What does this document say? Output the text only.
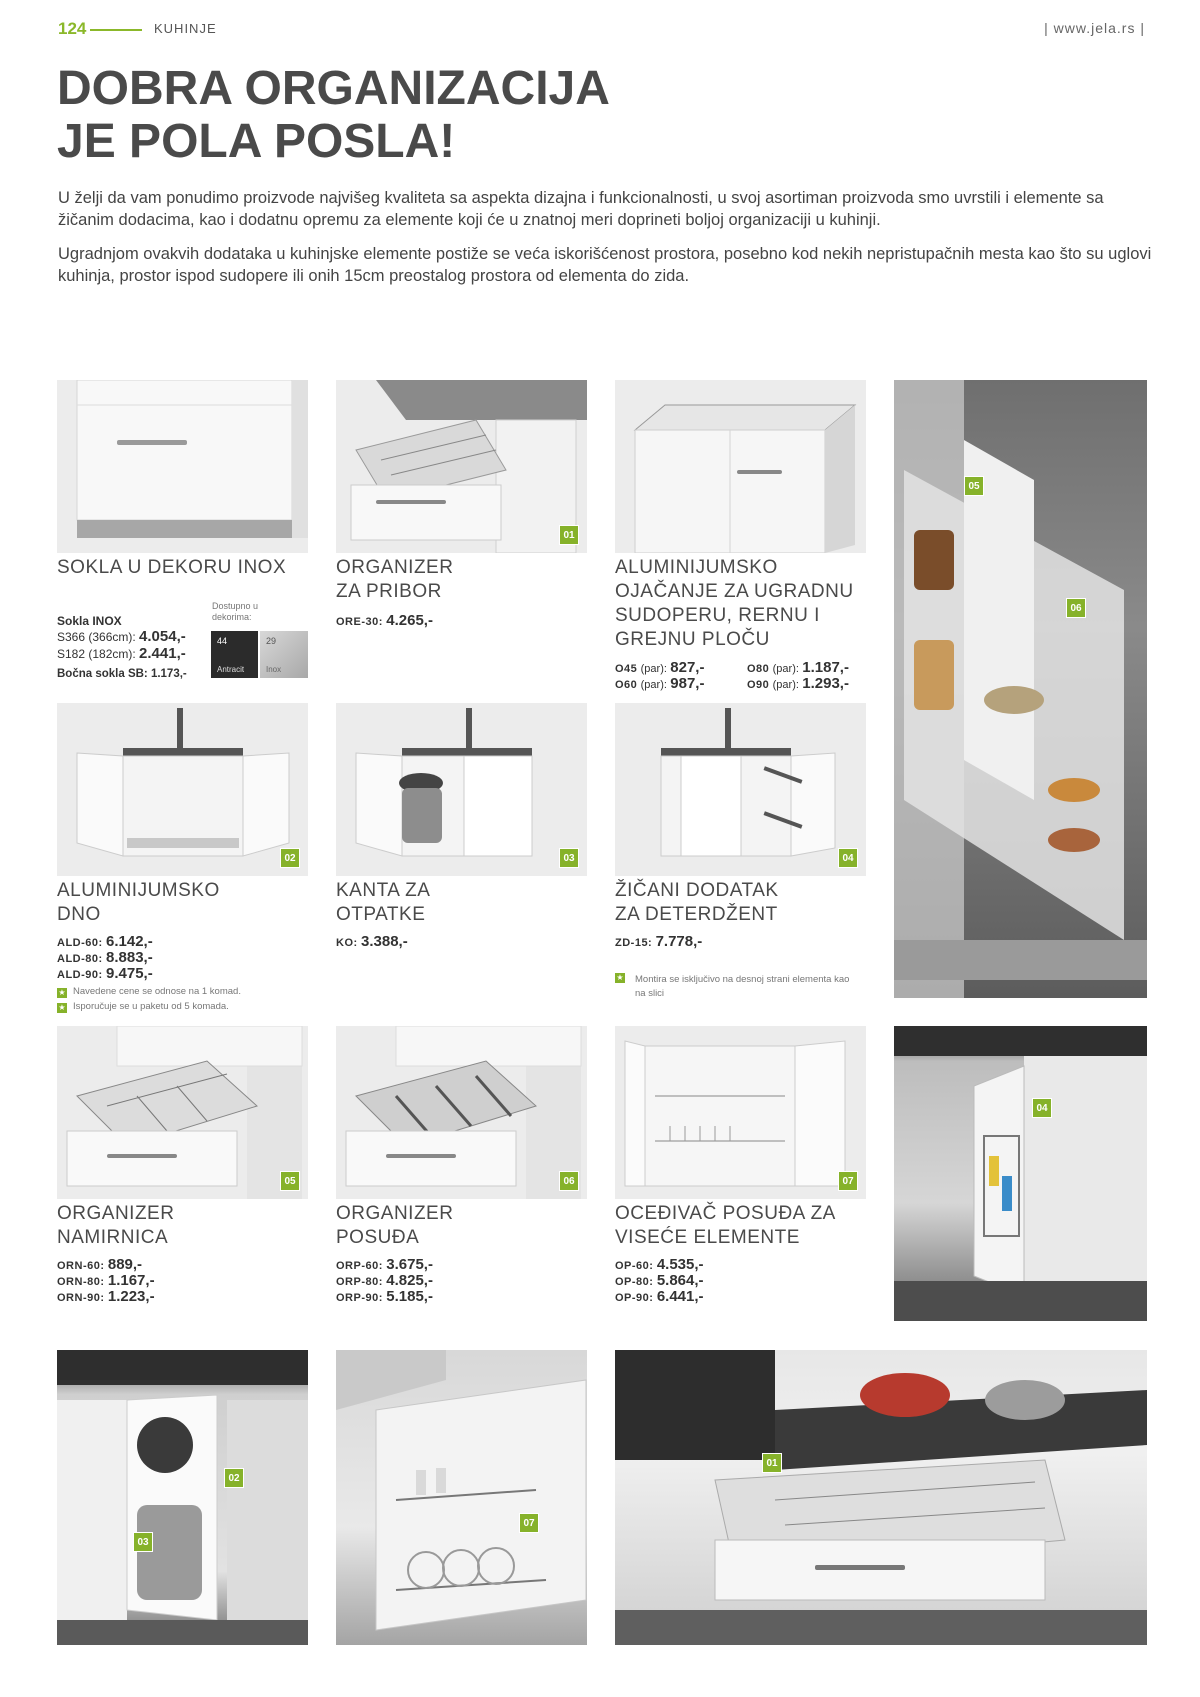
124	KUHINJE	| www.jela.rs |
DOBRA ORGANIZACIJA
JE POLA POSLA!

U želji da vam ponudimo proizvode najvišeg kvaliteta sa aspekta dizajna i funkcionalnosti, u svoj asortiman proizvoda smo uvrstili i elemente sa žičanim dodacima, kao i dodatnu opremu za elemente koji će u znatnoj meri doprineti boljoj organizaciji u kuhinji.

Ugradnjom ovakvih dodataka u kuhinjske elemente postiže se veća iskorišćenost prostora, posebno kod nekih nepristupačnih mesta kao što su uglovi kuhinja, prostor ispod sudopere ili onih 15cm preostalog prostora od elementa do zida.

SOKLA U DEKORU INOX
Sokla INOX
S366 (366cm): 4.054,-
S182 (182cm): 2.441,-
Bočna sokla SB: 1.173,-
Dostupno u dekorima:
44
Antracit
29
Inox
01
ORGANIZER
ZA PRIBOR
ORE-30: 4.265,-
ALUMINIJUMSKO
OJAČANJE ZA UGRADNU
SUDOPERU, RERNU I
GREJNU PLOČU
O45 (par): 827,-
O60 (par): 987,-
O80 (par): 1.187,-
O90 (par): 1.293,-
05
06
02
ALUMINIJUMSKO
DNO
ALD-60: 6.142,-
ALD-80: 8.883,-
ALD-90: 9.475,-
★ Navedene cene se odnose na 1 komad.
★ Isporučuje se u paketu od 5 komada.
03
KANTA ZA
OTPATKE
KO: 3.388,-
04
ŽIČANI DODATAK
ZA DETERDŽENT
ZD-15: 7.778,-
★ Montira se isključivo na desnoj strani elementa kao na slici
05
ORGANIZER
NAMIRNICA
ORN-60: 889,-
ORN-80: 1.167,-
ORN-90: 1.223,-
06
ORGANIZER
POSUĐA
ORP-60: 3.675,-
ORP-80: 4.825,-
ORP-90: 5.185,-
07
OCEĐIVAČ POSUĐA ZA
VISEĆE ELEMENTE
OP-60: 4.535,-
OP-80: 5.864,-
OP-90: 6.441,-
04
02
03
07
01
